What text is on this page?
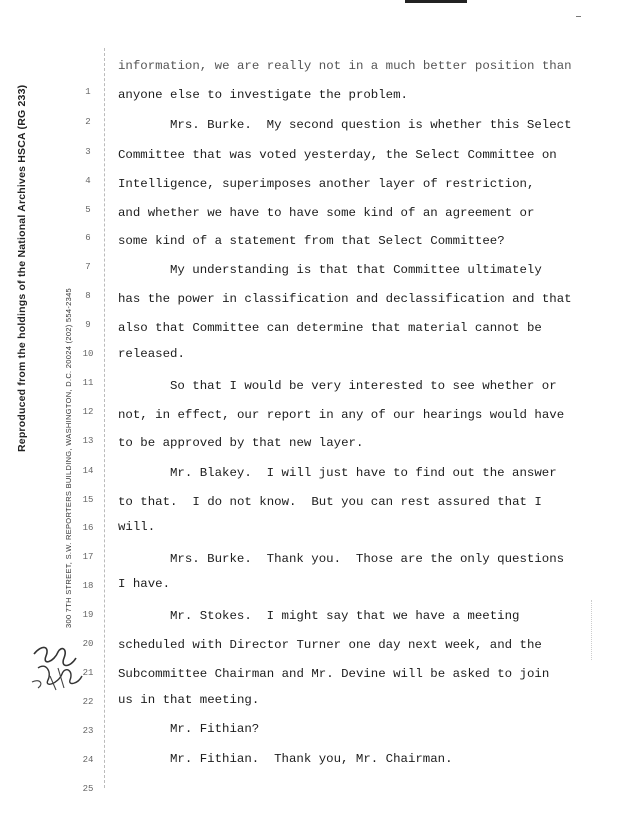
Reproduced from the holdings of the National Archives HSCA (RG 233)
300 7TH STREET, S.W. REPORTERS BUILDING, WASHINGTON, D.C. 20024 (202) 554-2345
1
2
3
4
5
6
7
8
9
10
11
12
13
14
15
16
17
18
19
20
21
22
23
24
25
information, we are really not in a much better position than
anyone else to investigate the problem.
Mrs. Burke.  My second question is whether this Select
Committee that was voted yesterday, the Select Committee on
Intelligence, superimposes another layer of restriction,
and whether we have to have some kind of an agreement or
some kind of a statement from that Select Committee?
My understanding is that that Committee ultimately
has the power in classification and declassification and that
also that Committee can determine that material cannot be
released.
So that I would be very interested to see whether or
not, in effect, our report in any of our hearings would have
to be approved by that new layer.
Mr. Blakey.  I will just have to find out the answer
to that.  I do not know.  But you can rest assured that I
will.
Mrs. Burke.  Thank you.  Those are the only questions
I have.
Mr. Stokes.  I might say that we have a meeting
scheduled with Director Turner one day next week, and the
Subcommittee Chairman and Mr. Devine will be asked to join
us in that meeting.
Mr. Fithian?
Mr. Fithian.  Thank you, Mr. Chairman.
